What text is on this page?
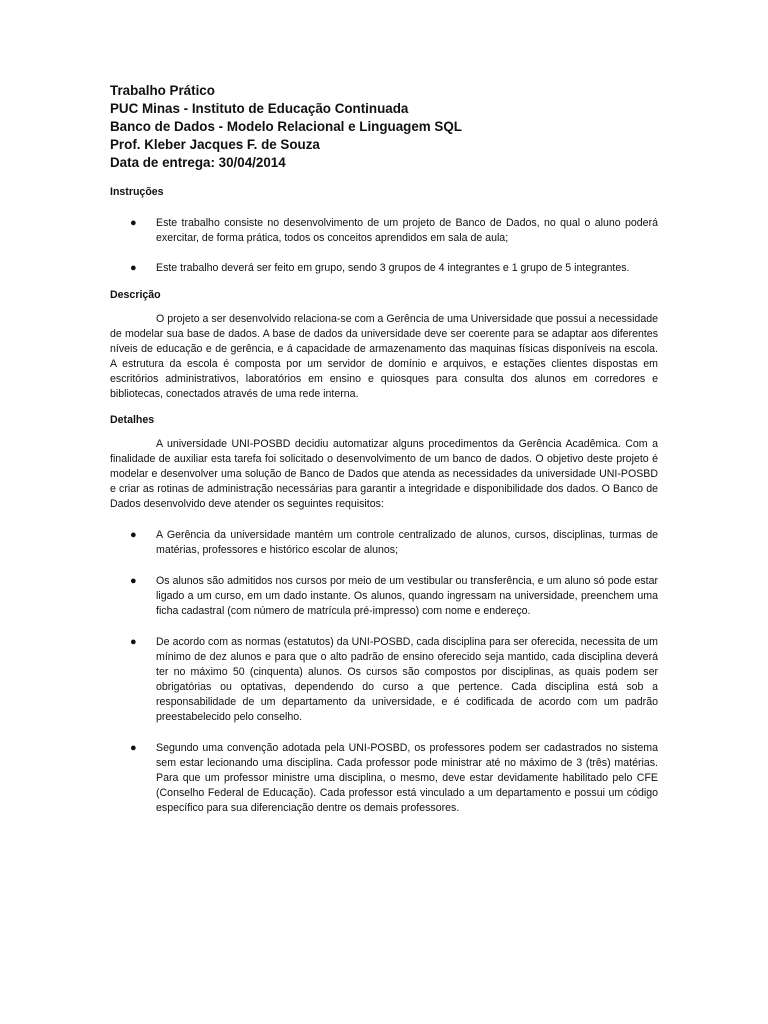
Trabalho Prático

PUC Minas - Instituto de Educação Continuada

Banco de Dados - Modelo Relacional e Linguagem SQL

Prof. Kleber Jacques F. de Souza

Data de entrega: 30/04/2014

Instruções

● Este trabalho consiste no desenvolvimento de um projeto de Banco de Dados, no qual o aluno poderá exercitar, de forma prática, todos os conceitos aprendidos em sala de aula;
● Este trabalho deverá ser feito em grupo, sendo 3 grupos de 4 integrantes e 1 grupo de 5 integrantes.

Descrição

O projeto a ser desenvolvido relaciona-se com a Gerência de uma Universidade que possui a necessidade de modelar sua base de dados. A base de dados da universidade deve ser coerente para se adaptar aos diferentes níveis de educação e de gerência, e á capacidade de armazenamento das maquinas físicas disponíveis na escola. A estrutura da escola é composta por um servidor de domínio e arquivos, e estações clientes dispostas em escritórios administrativos, laboratórios em ensino e quiosques para consulta dos alunos em corredores e bibliotecas, conectados através de uma rede interna.

Detalhes

A universidade UNI-POSBD decidiu automatizar alguns procedimentos da Gerência Acadêmica. Com a finalidade de auxiliar esta tarefa foi solicitado o desenvolvimento de um banco de dados. O objetivo deste projeto é modelar e desenvolver uma solução de Banco de Dados que atenda as necessidades da universidade UNI-POSBD e criar as rotinas de administração necessárias para garantir a integridade e disponibilidade dos dados. O Banco de Dados desenvolvido deve atender os seguintes requisitos:

● A Gerência da universidade mantém um controle centralizado de alunos, cursos, disciplinas, turmas de matérias, professores e histórico escolar de alunos;
● Os alunos são admitidos nos cursos por meio de um vestibular ou transferência, e um aluno só pode estar ligado a um curso, em um dado instante. Os alunos, quando ingressam na universidade, preenchem uma ficha cadastral (com número de matrícula pré-impresso) com nome e endereço.
● De acordo com as normas (estatutos) da UNI-POSBD, cada disciplina para ser oferecida, necessita de um mínimo de dez alunos e para que o alto padrão de ensino oferecido seja mantido, cada disciplina deverá ter no máximo 50 (cinquenta) alunos. Os cursos são compostos por disciplinas, as quais podem ser obrigatórias ou optativas, dependendo do curso a que pertence. Cada disciplina está sob a responsabilidade de um departamento da universidade, e é codificada de acordo com um padrão preestabelecido pelo conselho.
● Segundo uma convenção adotada pela UNI-POSBD, os professores podem ser cadastrados no sistema sem estar lecionando uma disciplina. Cada professor pode ministrar até no máximo de 3 (três) matérias. Para que um professor ministre uma disciplina, o mesmo, deve estar devidamente habilitado pelo CFE (Conselho Federal de Educação). Cada professor está vinculado a um departamento e possui um código específico para sua diferenciação dentre os demais professores.
